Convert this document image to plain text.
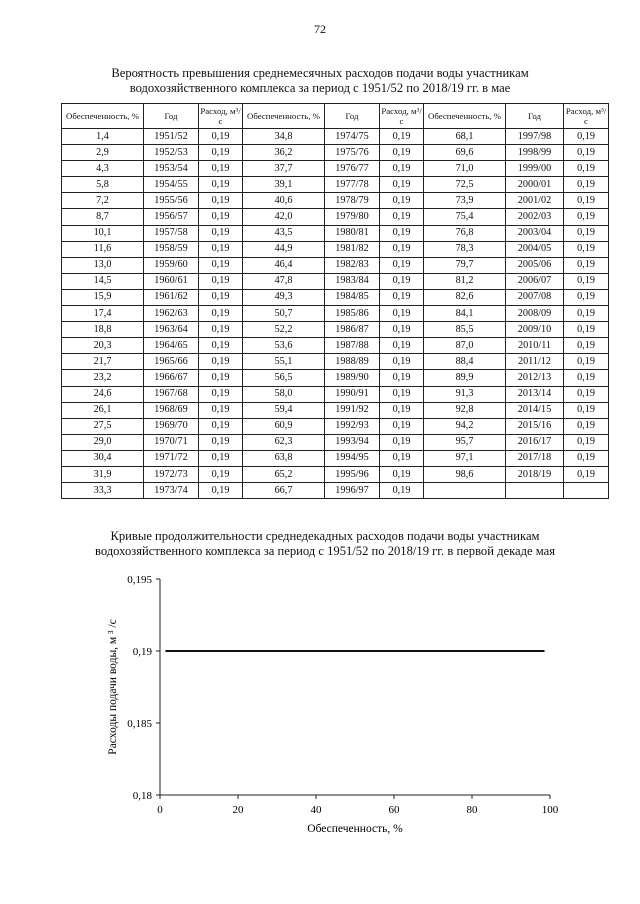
72
Вероятность превышения среднемесячных расходов подачи воды участникам
водохозяйственного комплекса за период с 1951/52 по 2018/19 гг. в мае
Обеспеченность, %	Год	Расход, м³/с	Обеспеченность, %	Год	Расход, м³/с	Обеспеченность, %	Год	Расход, м³/с
1,4	1951/52	0,19	34,8	1974/75	0,19	68,1	1997/98	0,19
2,9	1952/53	0,19	36,2	1975/76	0,19	69,6	1998/99	0,19
4,3	1953/54	0,19	37,7	1976/77	0,19	71,0	1999/00	0,19
5,8	1954/55	0,19	39,1	1977/78	0,19	72,5	2000/01	0,19
7,2	1955/56	0,19	40,6	1978/79	0,19	73,9	2001/02	0,19
8,7	1956/57	0,19	42,0	1979/80	0,19	75,4	2002/03	0,19
10,1	1957/58	0,19	43,5	1980/81	0,19	76,8	2003/04	0,19
11,6	1958/59	0,19	44,9	1981/82	0,19	78,3	2004/05	0,19
13,0	1959/60	0,19	46,4	1982/83	0,19	79,7	2005/06	0,19
14,5	1960/61	0,19	47,8	1983/84	0,19	81,2	2006/07	0,19
15,9	1961/62	0,19	49,3	1984/85	0,19	82,6	2007/08	0,19
17,4	1962/63	0,19	50,7	1985/86	0,19	84,1	2008/09	0,19
18,8	1963/64	0,19	52,2	1986/87	0,19	85,5	2009/10	0,19
20,3	1964/65	0,19	53,6	1987/88	0,19	87,0	2010/11	0,19
21,7	1965/66	0,19	55,1	1988/89	0,19	88,4	2011/12	0,19
23,2	1966/67	0,19	56,5	1989/90	0,19	89,9	2012/13	0,19
24,6	1967/68	0,19	58,0	1990/91	0,19	91,3	2013/14	0,19
26,1	1968/69	0,19	59,4	1991/92	0,19	92,8	2014/15	0,19
27,5	1969/70	0,19	60,9	1992/93	0,19	94,2	2015/16	0,19
29,0	1970/71	0,19	62,3	1993/94	0,19	95,7	2016/17	0,19
30,4	1971/72	0,19	63,8	1994/95	0,19	97,1	2017/18	0,19
31,9	1972/73	0,19	65,2	1995/96	0,19	98,6	2018/19	0,19
33,3	1973/74	0,19	66,7	1996/97	0,19			
Кривые продолжительности среднедекадных расходов подачи воды участникам
водохозяйственного комплекса за период с 1951/52 по 2018/19 гг. в первой декаде мая
0,195
0,19
0,185
0,18
0	20	40	60	80	100
Обеспеченность, %
Расходы подачи воды, м ³ /с
